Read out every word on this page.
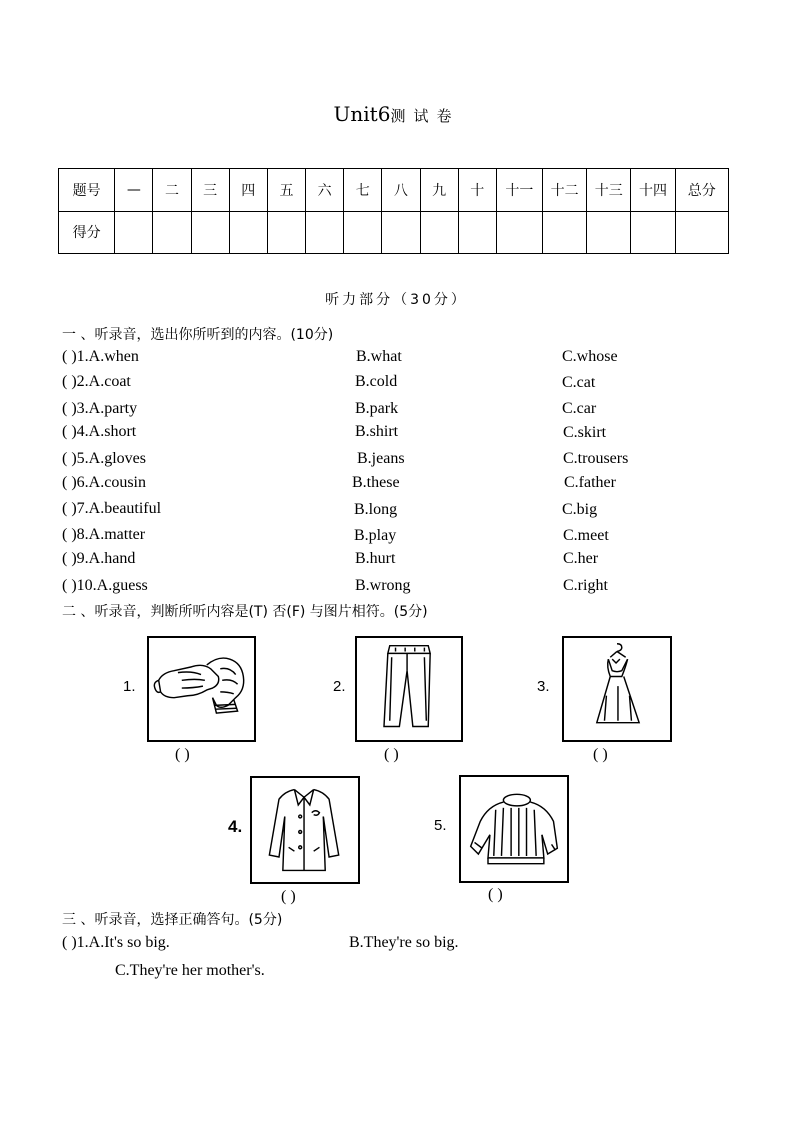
Unit6测试卷
题号	—	二	三	四	五	六	七	八	九	十	十一	十二	十三	十四	总分
得分															
听力部分（30分）
一 、听录音，选出你所听到的内容。(10分)
( )1.A.when	B.what	C.whose
( )2.A.coat	B.cold	C.cat
( )3.A.party	B.park	C.car
( )4.A.short	B.shirt	C.skirt
( )5.A.gloves	B.jeans	C.trousers
( )6.A.cousin	B.these	C.father
( )7.A.beautiful	B.long	C.big
( )8.A.matter	B.play	C.meet
( )9.A.hand	B.hurt	C.her
( )10.A.guess	B.wrong	C.right
二 、听录音，判断所听内容是(T) 否(F) 与图片相符。(5分)
1.
( )
2.
( )
3.
( )
4.
( )
5.
( )
三 、听录音，选择正确答句。(5分)
( )1.A.It's so big.	B.They're so big.
C.They're her mother's.
